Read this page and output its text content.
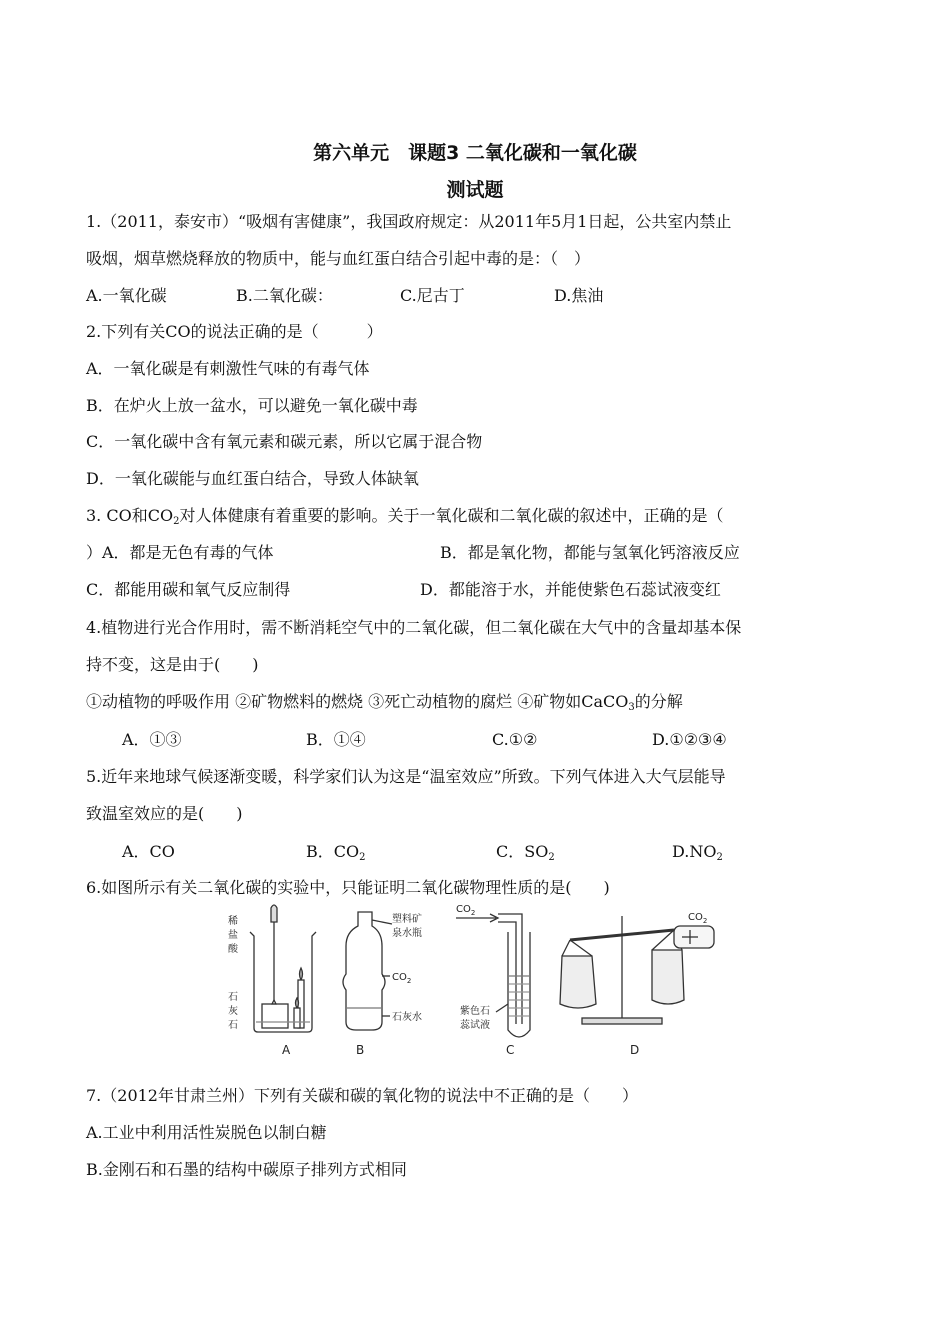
第六单元　课题3 二氧化碳和一氧化碳
测试题
1.（2011，泰安市）“吸烟有害健康”，我国政府规定：从2011年5月1日起，公共室内禁止
吸烟，烟草燃烧释放的物质中，能与血红蛋白结合引起中毒的是：（　）
A.一氧化碳	B.二氧化碳：	C.尼古丁	D.焦油
2.下列有关CO的说法正确的是（　　　）
A．一氧化碳是有刺激性气味的有毒气体
B．在炉火上放一盆水，可以避免一氧化碳中毒
C．一氧化碳中含有氧元素和碳元素，所以它属于混合物
D．一氧化碳能与血红蛋白结合，导致人体缺氧
3. CO和$CO_2$对人体健康有着重要的影响。关于一氧化碳和二氧化碳的叙述中，正确的是（
）A．都是无色有毒的气体	B．都是氧化物，都能与氢氧化钙溶液反应
C．都能用碳和氧气反应制得	D．都能溶于水，并能使紫色石蕊试液变红
4.植物进行光合作用时，需不断消耗空气中的二氧化碳，但二氧化碳在大气中的含量却基本保
持不变，这是由于(　　)
①动植物的呼吸作用 ②矿物燃料的燃烧 ③死亡动植物的腐烂 ④矿物如CaCO$_3$的分解
A．①③	B．①④	C.①②	D.①②③④
5.近年来地球气候逐渐变暖，科学家们认为这是“温室效应”所致。下列气体进入大气层能导
致温室效应的是(　　)
A．CO	B．$CO_2$	C．$SO_2$	$D.NO_2$
6.如图所示有关二氧化碳的实验中，只能证明二氧化碳物理性质的是(　　)
稀
盐
酸
石
灰
石
塑料矿
泉水瓶
$CO_2$
石灰水
$CO_2$
紫色石
蕊试液
$CO_2$
A	B	C	D
7.（2012年甘肃兰州）下列有关碳和碳的氧化物的说法中不正确的是（　　）
A.工业中利用活性炭脱色以制白糖
B.金刚石和石墨的结构中碳原子排列方式相同
